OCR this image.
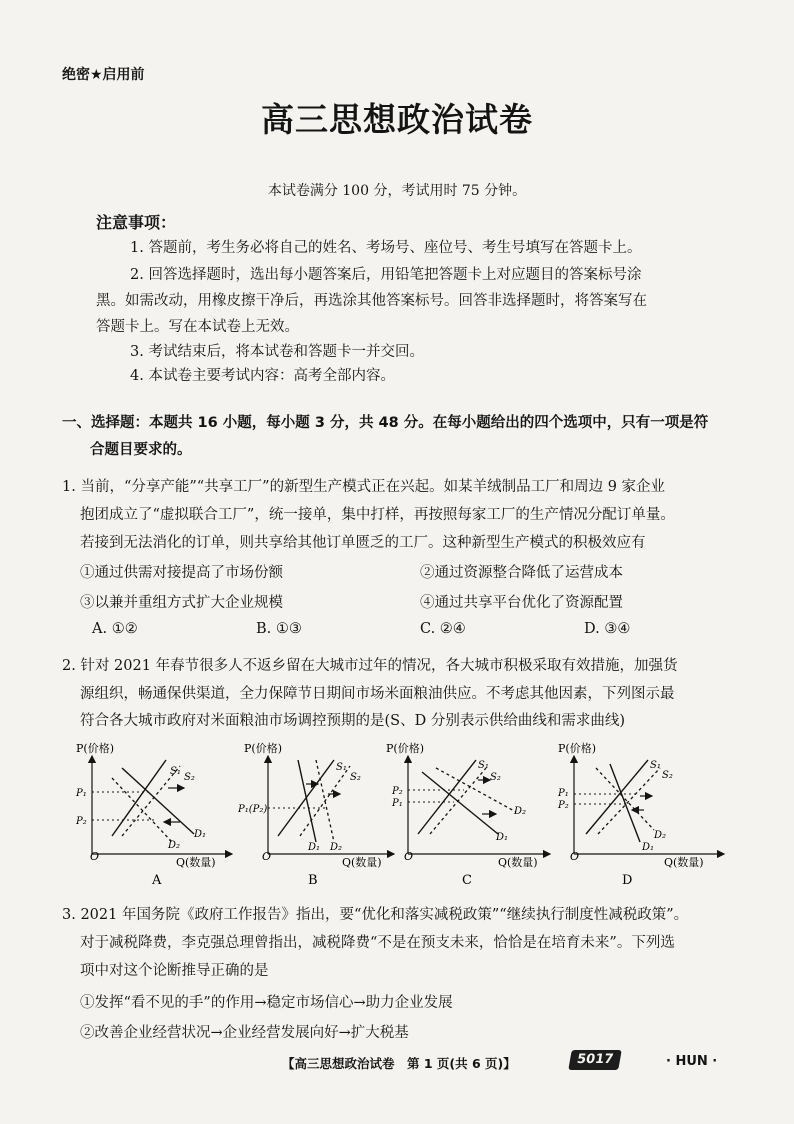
绝密★启用前
高三思想政治试卷
本试卷满分 100 分，考试用时 75 分钟。
注意事项：
1. 答题前，考生务必将自己的姓名、考场号、座位号、考生号填写在答题卡上。
2. 回答选择题时，选出每小题答案后，用铅笔把答题卡上对应题目的答案标号涂
黑。如需改动，用橡皮擦干净后，再选涂其他答案标号。回答非选择题时，将答案写在
答题卡上。写在本试卷上无效。
3. 考试结束后，将本试卷和答题卡一并交回。
4. 本试卷主要考试内容：高考全部内容。
一、选择题：本题共 16 小题，每小题 3 分，共 48 分。在每小题给出的四个选项中，只有一项是符
合题目要求的。
1. 当前，“分享产能”“共享工厂”的新型生产模式正在兴起。如某羊绒制品工厂和周边 9 家企业
抱团成立了“虚拟联合工厂”，统一接单，集中打样，再按照每家工厂的生产情况分配订单量。
若接到无法消化的订单，则共享给其他订单匮乏的工厂。这种新型生产模式的积极效应有
①通过供需对接提高了市场份额	②通过资源整合降低了运营成本
③以兼并重组方式扩大企业规模	④通过共享平台优化了资源配置
A. ①②	B. ①③	C. ②④	D. ③④
2. 针对 2021 年春节很多人不返乡留在大城市过年的情况，各大城市积极采取有效措施，加强货
源组织，畅通保供渠道，全力保障节日期间市场米面粮油供应。不考虑其他因素，下列图示最
符合各大城市政府对米面粮油市场调控预期的是(S、D 分别表示供给曲线和需求曲线)
P(价格)
O	Q(数量)
P₁
P₂
S₁
S₂
D₁
D₂
A
P(价格)
O	Q(数量)
P₁(P₂)
S₁
S₂
D₁ D₂
B
P(价格)
O	Q(数量)
P₂
P₁
S₁
S₂
D₂
D₁
C
P(价格)
O	Q(数量)
P₁
P₂
S₁
S₂
D₂
D₁
D
3. 2021 年国务院《政府工作报告》指出，要“优化和落实减税政策”“继续执行制度性减税政策”。
对于减税降费，李克强总理曾指出，减税降费“不是在预支未来，恰恰是在培育未来”。下列选
项中对这个论断推导正确的是
①发挥“看不见的手”的作用→稳定市场信心→助力企业发展
②改善企业经营状况→企业经营发展向好→扩大税基
【高三思想政治试卷　第 1 页(共 6 页)】	5017	· HUN ·
